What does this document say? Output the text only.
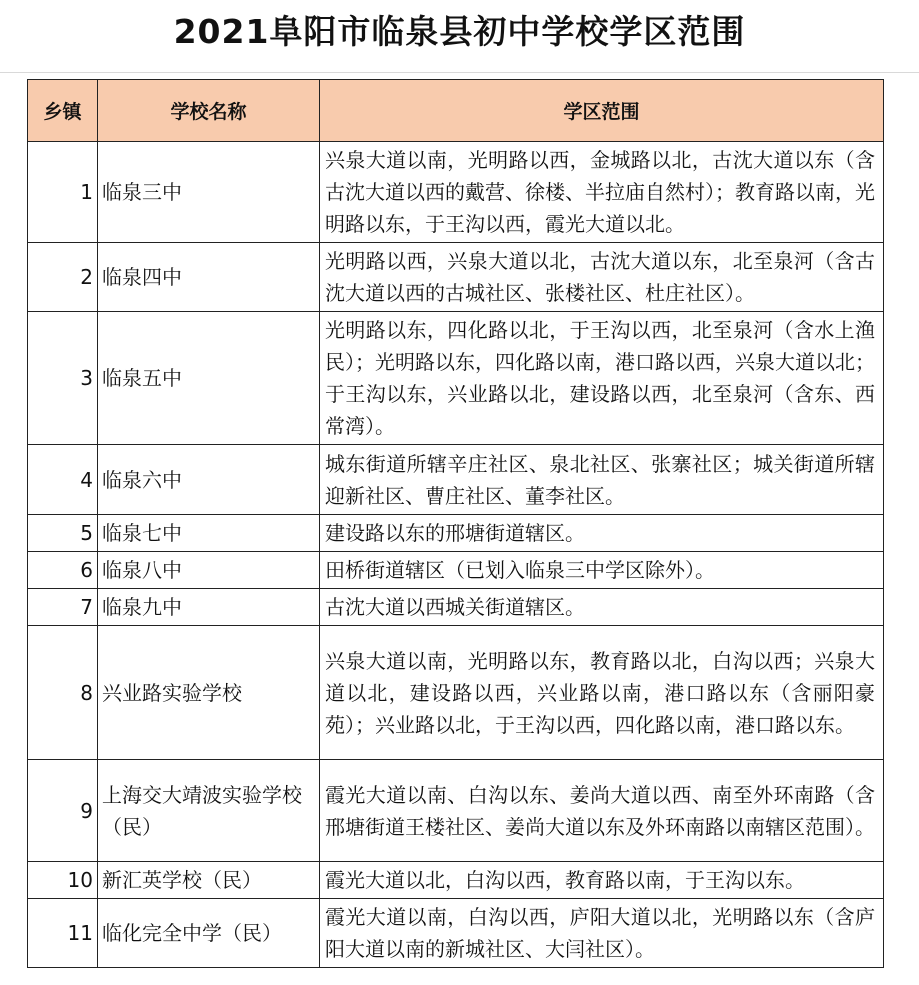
2021阜阳市临泉县初中学校学区范围
乡镇	学校名称	学区范围
1	临泉三中	兴泉大道以南，光明路以西，金城路以北，古沈大道以东（含古沈大道以西的戴营、徐楼、半拉庙自然村）；教育路以南，光明路以东，于王沟以西，霞光大道以北。
2	临泉四中	光明路以西，兴泉大道以北，古沈大道以东，北至泉河（含古沈大道以西的古城社区、张楼社区、杜庄社区）。
3	临泉五中	光明路以东，四化路以北，于王沟以西，北至泉河（含水上渔民）；光明路以东，四化路以南，港口路以西，兴泉大道以北；于王沟以东，兴业路以北，建设路以西，北至泉河（含东、西常湾）。
4	临泉六中	城东街道所辖辛庄社区、泉北社区、张寨社区；城关街道所辖迎新社区、曹庄社区、董李社区。
5	临泉七中	建设路以东的邢塘街道辖区。
6	临泉八中	田桥街道辖区（已划入临泉三中学区除外）。
7	临泉九中	古沈大道以西城关街道辖区。
8	兴业路实验学校	兴泉大道以南，光明路以东，教育路以北，白沟以西；兴泉大道以北，建设路以西，兴业路以南，港口路以东（含丽阳豪苑）；兴业路以北，于王沟以西，四化路以南，港口路以东。
9	上海交大靖波实验学校（民）	霞光大道以南、白沟以东、姜尚大道以西、南至外环南路（含邢塘街道王楼社区、姜尚大道以东及外环南路以南辖区范围）。
10	新汇英学校（民）	霞光大道以北，白沟以西，教育路以南，于王沟以东。
11	临化完全中学（民）	霞光大道以南，白沟以西，庐阳大道以北，光明路以东（含庐阳大道以南的新城社区、大闫社区）。
